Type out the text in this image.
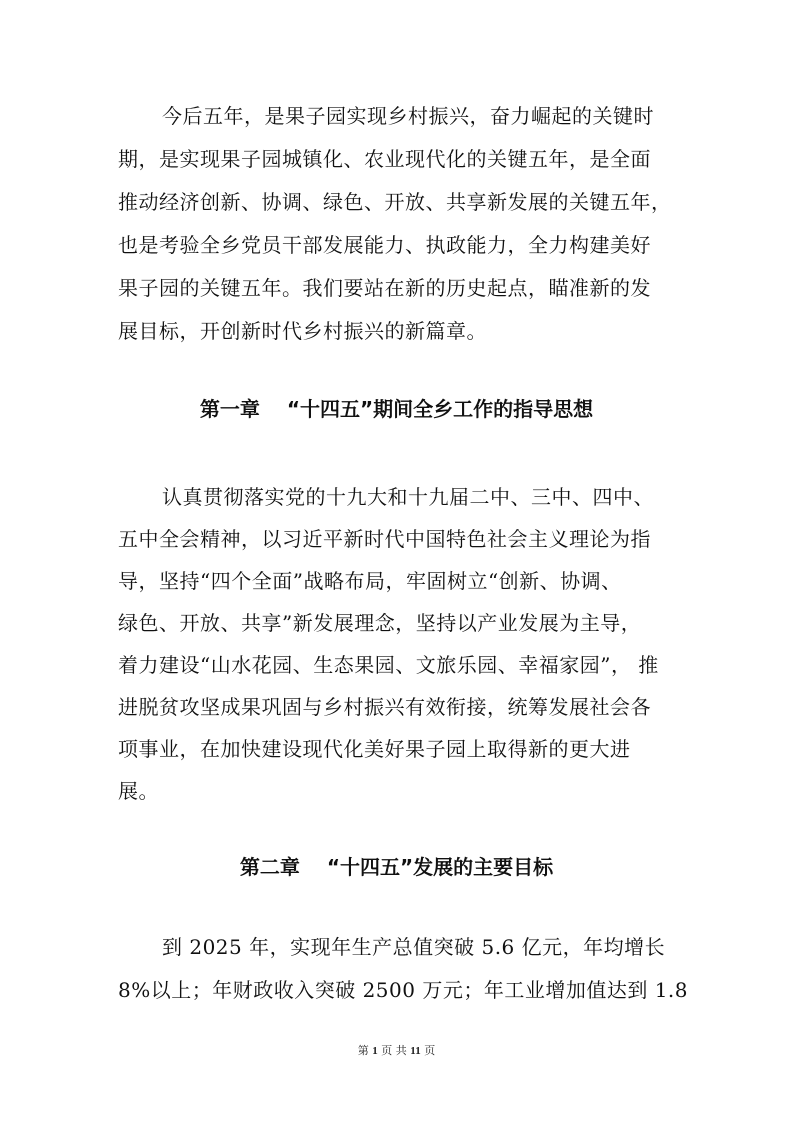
今后五年，是果子园实现乡村振兴，奋力崛起的关键时
期，是实现果子园城镇化、农业现代化的关键五年，是全面
推动经济创新、协调、绿色、开放、共享新发展的关键五年，
也是考验全乡党员干部发展能力、执政能力，全力构建美好
果子园的关键五年。我们要站在新的历史起点，瞄准新的发
展目标，开创新时代乡村振兴的新篇章。
第一章　 “十四五”期间全乡工作的指导思想
认真贯彻落实党的十九大和十九届二中、三中、四中、
五中全会精神，以习近平新时代中国特色社会主义理论为指
导，坚持“四个全面”战略布局，牢固树立“创新、协调、
绿色、开放、共享”新发展理念，坚持以产业发展为主导，
着力建设“山水花园、生态果园、文旅乐园、幸福家园”， 推
进脱贫攻坚成果巩固与乡村振兴有效衔接，统筹发展社会各
项事业，在加快建设现代化美好果子园上取得新的更大进
展。
第二章　 “十四五”发展的主要目标
到 2025 年，实现年生产总值突破 5.6 亿元，年均增长
8%以上；年财政收入突破 2500 万元；年工业增加值达到 1.8
第 1 页 共 11 页
